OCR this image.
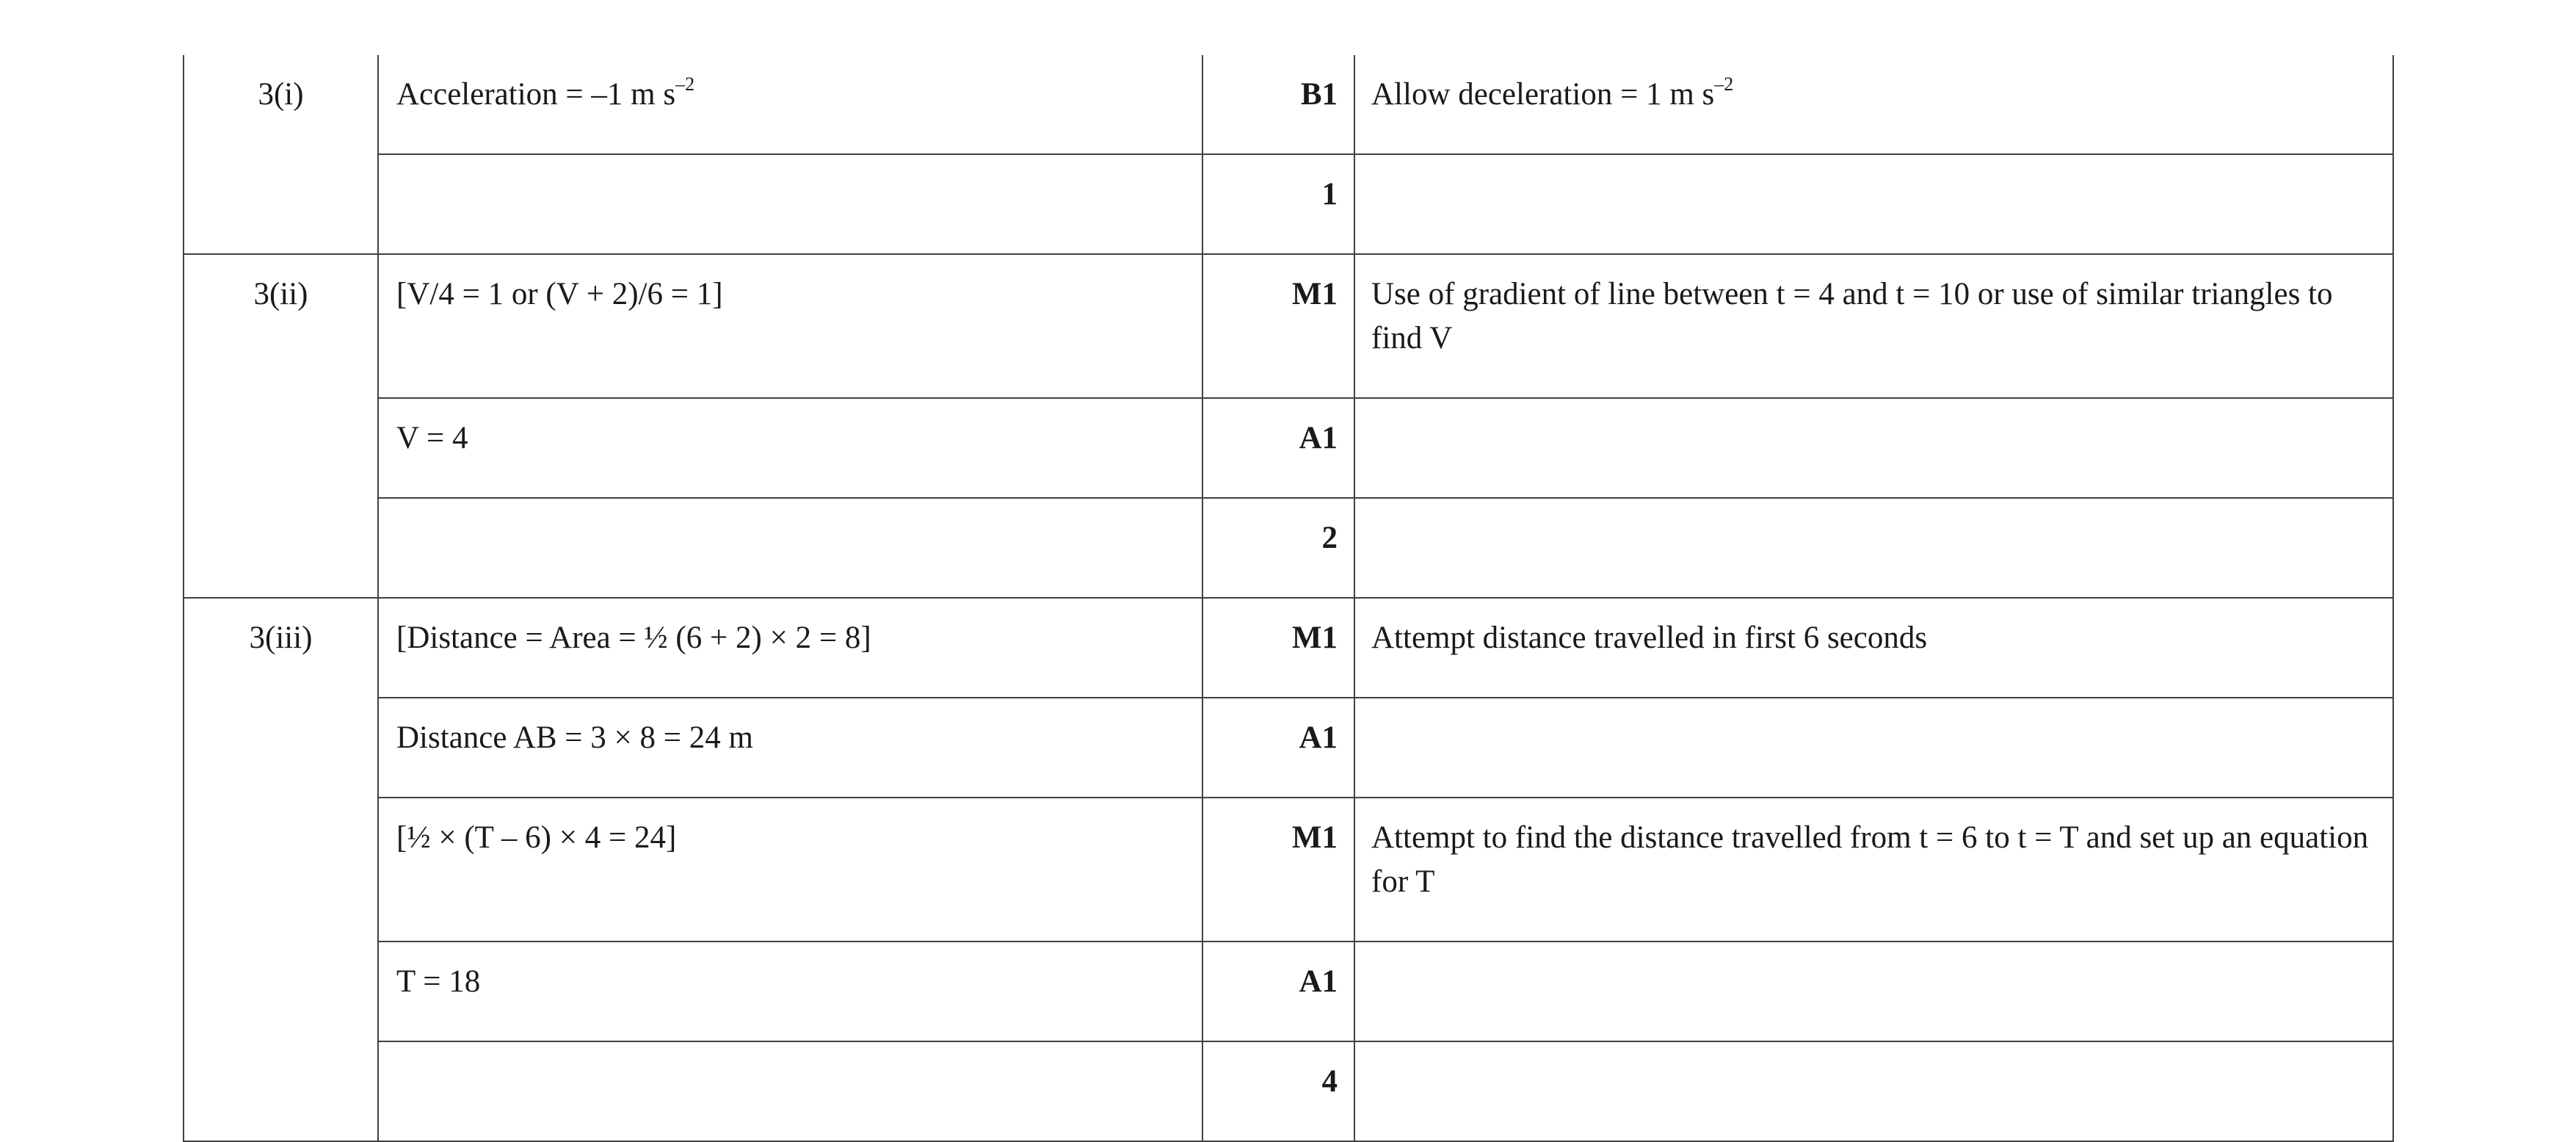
3(i)	Acceleration = –1 m $s^{-2}$	B1	Allow deceleration = 1 m $s^{-2}$
		1	
3(ii)	[V/4 = 1 or (V + 2)/6 = 1]	M1	Use of gradient of line between t = 4 and t = 10 or use of similar triangles to find V
	V = 4	A1	
		2	
3(iii)	[Distance = Area = ½ (6 + 2) × 2 = 8]	M1	Attempt distance travelled in first 6 seconds
	Distance AB = 3 × 8 = 24 m	A1	
	[½ × (T – 6) × 4 = 24]	M1	Attempt to find the distance travelled from t = 6 to t = T and set up an equation for T
	T = 18	A1	
		4	
